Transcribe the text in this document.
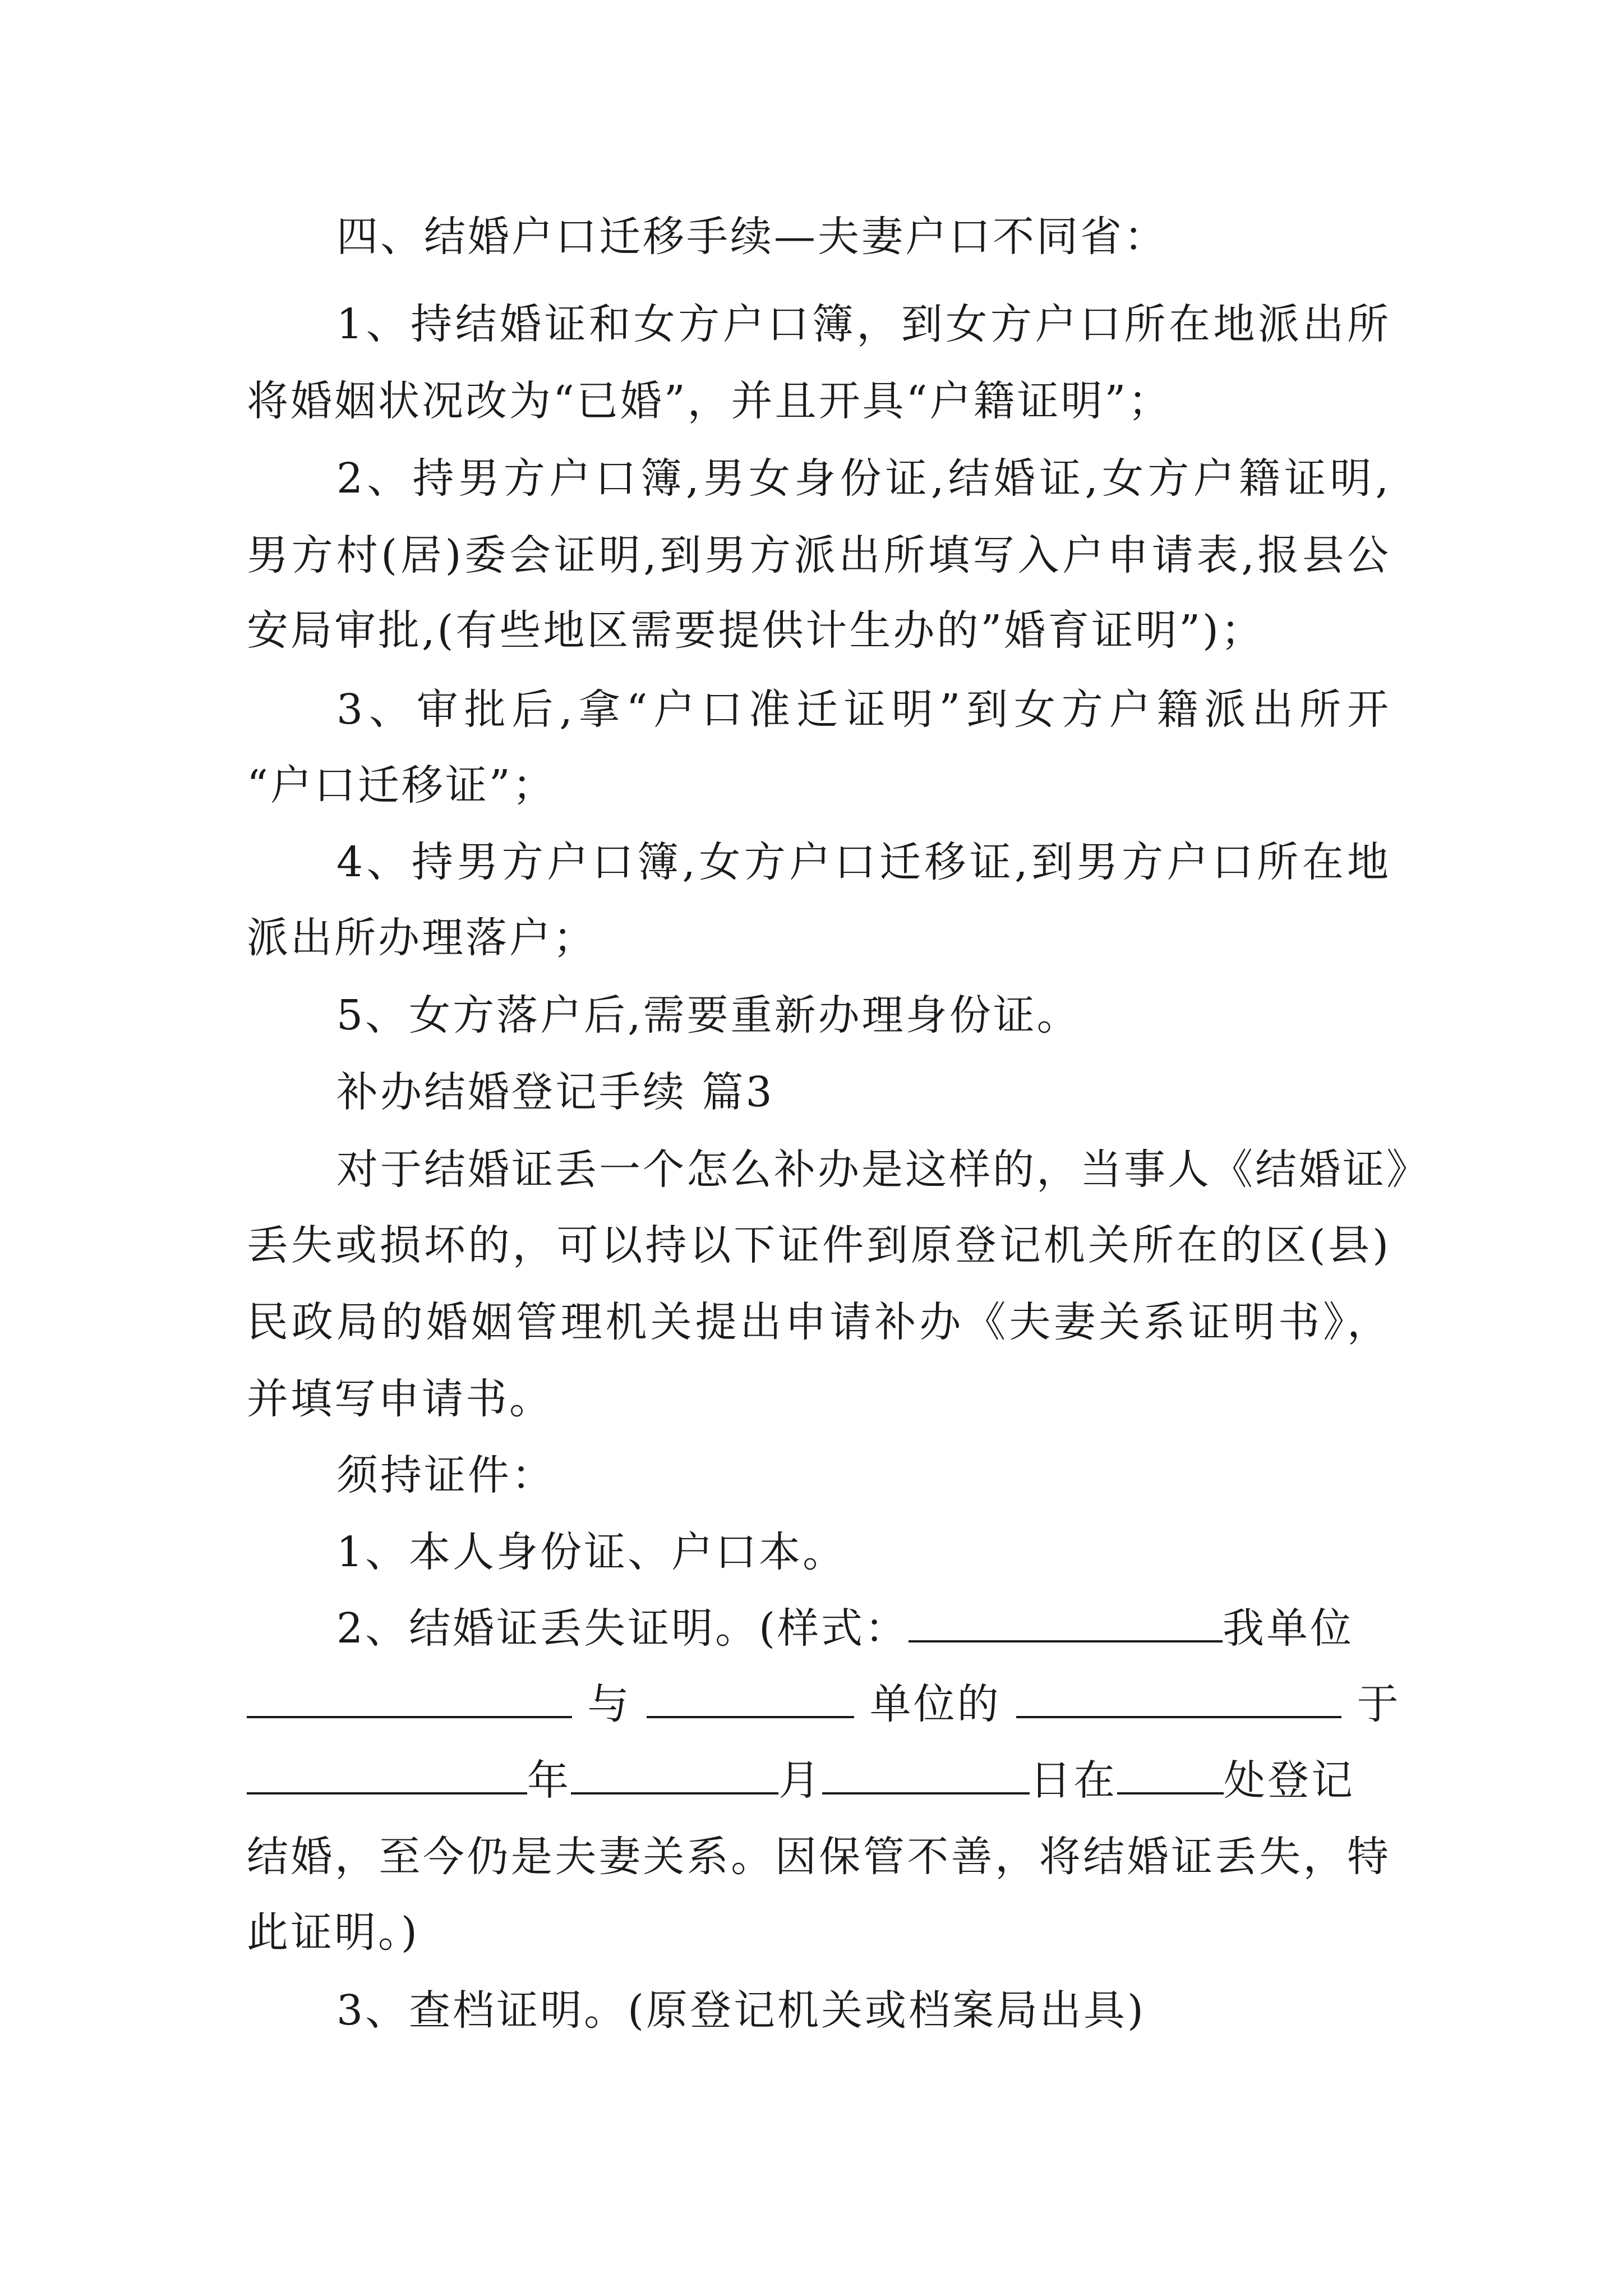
四、结婚户口迁移手续—夫妻户口不同省：
1、持结婚证和女方户口簿，到女方户口所在地派出所
将婚姻状况改为“已婚”，并且开具“户籍证明”；
2、持男方户口簿,男女身份证,结婚证,女方户籍证明,
男方村(居)委会证明,到男方派出所填写入户申请表,报县公
安局审批,(有些地区需要提供计生办的”婚育证明”)；
3、审批后,拿“户口准迁证明”到女方户籍派出所开
“户口迁移证”；
4、持男方户口簿,女方户口迁移证,到男方户口所在地
派出所办理落户；
5、女方落户后,需要重新办理身份证。
补办结婚登记手续 篇3
对于结婚证丢一个怎么补办是这样的，当事人《结婚证》
丢失或损坏的，可以持以下证件到原登记机关所在的区(县)
民政局的婚姻管理机关提出申请补办《夫妻关系证明书》，
并填写申请书。
须持证件：
1、本人身份证、户口本。
2、结婚证丢失证明。(样式：	我单位
与	单位的	于
年	月	日在	处登记
结婚，至今仍是夫妻关系。因保管不善，将结婚证丢失，特
此证明。)
3、查档证明。(原登记机关或档案局出具)
